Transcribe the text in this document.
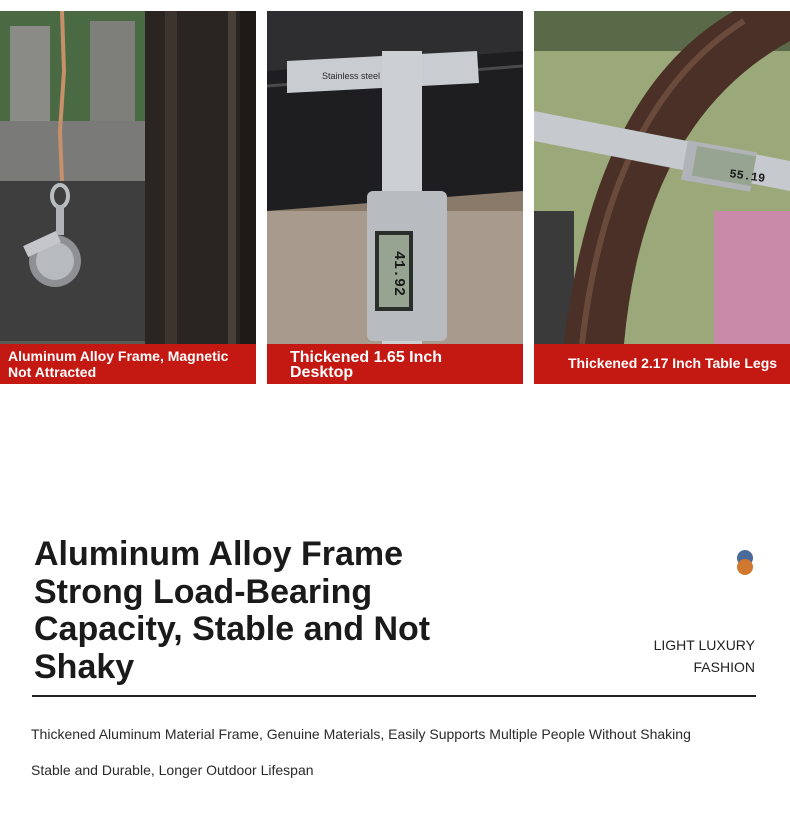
Aluminum Alloy Frame, Magnetic
Not Attracted
Stainless steel
41.92
Thickened 1.65 Inch
Desktop
55.19
Thickened 2.17 Inch Table Legs
Aluminum Alloy Frame Strong Load-Bearing Capacity, Stable and Not Shaky
LIGHT LUXURY
FASHION
Thickened Aluminum Material Frame, Genuine Materials, Easily Supports Multiple People Without Shaking
Stable and Durable, Longer Outdoor Lifespan
